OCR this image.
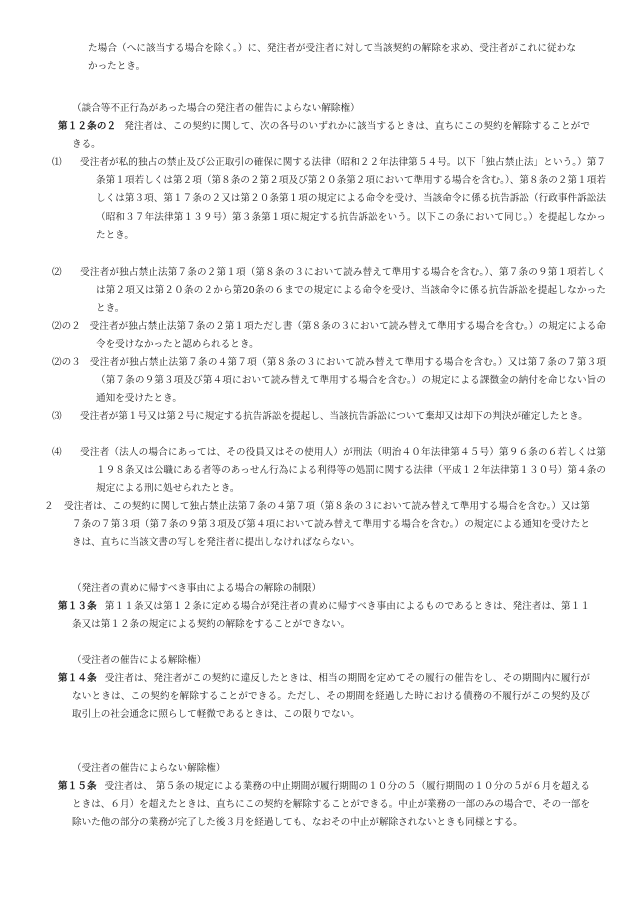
た場合（へに該当する場合を除く。）に、発注者が受注者に対して当該契約の解除を求め、受注者がこれに従わなかったとき。

（談合等不正行為があった場合の発注者の催告によらない解除権）

第１２条の２ 発注者は、この契約に関して、次の各号のいずれかに該当するときは、直ちにこの契約を解除することができる。

⑴ 受注者が私的独占の禁止及び公正取引の確保に関する法律（昭和２２年法律第５４号。以下「独占禁止法」という。）第７条第１項若しくは第２項（第８条の２第２項及び第２０条第２項において準用する場合を含む。）、第８条の２第１項若しくは第３項、第１７条の２又は第２０条第１項の規定による命令を受け、当該命令に係る抗告訴訟（行政事件訴訟法（昭和３７年法律第１３９号）第３条第１項に規定する抗告訴訟をいう。以下この条において同じ。）を提起しなかったとき。

⑵ 受注者が独占禁止法第７条の２第１項（第８条の３において読み替えて準用する場合を含む。）、第７条の９第１項若しくは第２項又は第２０条の２から第20条の６までの規定による命令を受け、当該命令に係る抗告訴訟を提起しなかったとき。

⑵の２ 受注者が独占禁止法第７条の２第１項ただし書（第８条の３において読み替えて準用する場合を含む。）の規定による命令を受けなかったと認められるとき。

⑵の３ 受注者が独占禁止法第７条の４第７項（第８条の３において読み替えて準用する場合を含む。）又は第７条の７第３項（第７条の９第３項及び第４項において読み替えて準用する場合を含む。）の規定による課徴金の納付を命じない旨の通知を受けたとき。

⑶ 受注者が第１号又は第２号に規定する抗告訴訟を提起し、当該抗告訴訟について棄却又は却下の判決が確定したとき。

⑷ 受注者（法人の場合にあっては、その役員又はその使用人）が刑法（明治４０年法律第４５号）第９６条の６若しくは第１９８条又は公職にある者等のあっせん行為による利得等の処罰に関する法律（平成１２年法律第１３０号）第４条の規定による刑に処せられたとき。

２ 受注者は、この契約に関して独占禁止法第７条の４第７項（第８条の３において読み替えて準用する場合を含む。）又は第７条の７第３項（第７条の９第３項及び第４項において読み替えて準用する場合を含む。）の規定による通知を受けたときは、直ちに当該文書の写しを発注者に提出しなければならない。

（発注者の責めに帰すべき事由による場合の解除の制限）

第１３条 第１１条又は第１２条に定める場合が発注者の責めに帰すべき事由によるものであるときは、発注者は、第１１条又は第１２条の規定による契約の解除をすることができない。

（受注者の催告による解除権）

第１４条 受注者は、発注者がこの契約に違反したときは、相当の期間を定めてその履行の催告をし、その期間内に履行がないときは、この契約を解除することができる。ただし、その期間を経過した時における債務の不履行がこの契約及び取引上の社会通念に照らして軽微であるときは、この限りでない。

（受注者の催告によらない解除権）

第１５条 受注者は、 第５条の規定による業務の中止期間が履行期間の１０分の５（履行期間の１０分の５が６月を超えるときは、６月）を超えたときは、直ちにこの契約を解除することができる。中止が業務の一部のみの場合で、その一部を除いた他の部分の業務が完了した後３月を経過しても、なおその中止が解除されないときも同様とする。
